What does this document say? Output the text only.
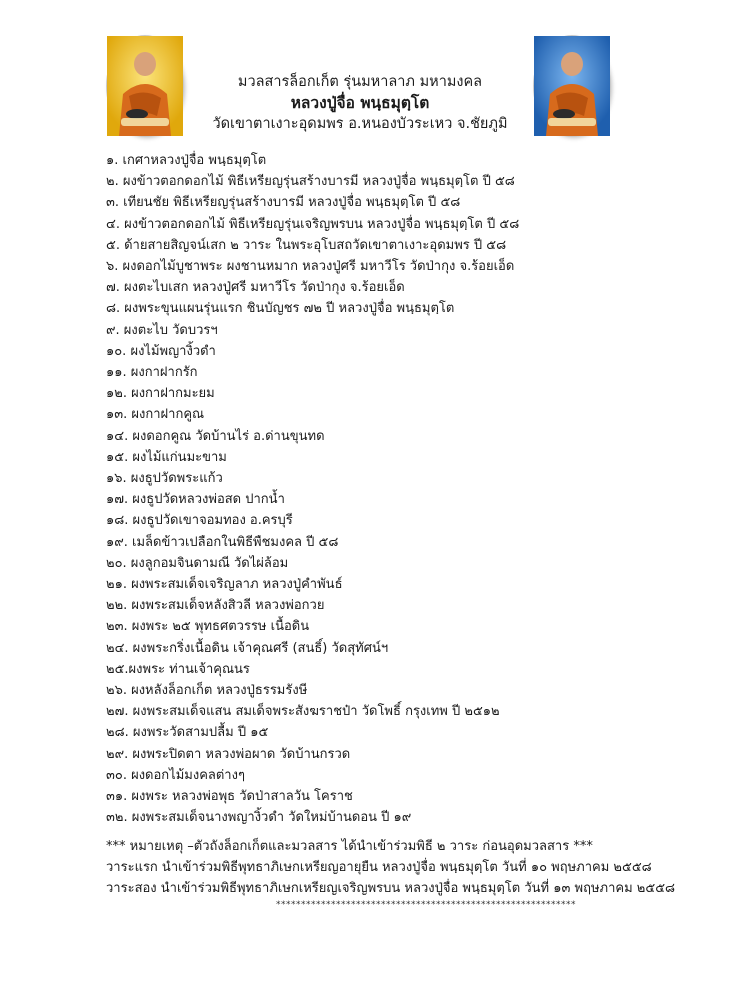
มวลสารล็อกเก็ต รุ่นมหาลาภ มหามงคล
หลวงปู่จื่อ พนฺธมุตฺโต
วัดเขาตาเงาะอุดมพร อ.หนองบัวระเหว จ.ชัยภูมิ
๑. เกศาหลวงปู่จื่อ พนฺธมุตฺโต
๒. ผงข้าวตอกดอกไม้ พิธีเหรียญรุ่นสร้างบารมี หลวงปู่จื่อ พนฺธมุตฺโต ปี ๕๘
๓. เทียนชัย พิธีเหรียญรุ่นสร้างบารมี หลวงปู่จื่อ พนฺธมุตฺโต ปี ๕๘
๔. ผงข้าวตอกดอกไม้ พิธีเหรียญรุ่นเจริญพรบน หลวงปู่จื่อ พนฺธมุตฺโต ปี ๕๘
๕. ด้ายสายสิญจน์เสก ๒ วาระ ในพระอุโบสถวัดเขาตาเงาะอุดมพร ปี ๕๘
๖. ผงดอกไม้บูชาพระ ผงชานหมาก หลวงปู่ศรี มหาวีโร วัดป่ากุง จ.ร้อยเอ็ด
๗. ผงตะไบเสก หลวงปู่ศรี มหาวีโร วัดป่ากุง จ.ร้อยเอ็ด
๘. ผงพระขุนแผนรุ่นแรก ชินบัญชร ๗๒ ปี หลวงปู่จื่อ พนฺธมุตฺโต
๙. ผงตะไบ วัดบวรฯ
๑๐. ผงไม้พญางิ้วดำ
๑๑. ผงกาฝากรัก
๑๒. ผงกาฝากมะยม
๑๓. ผงกาฝากคูณ
๑๔. ผงดอกคูณ วัดบ้านไร่ อ.ด่านขุนทด
๑๕. ผงไม้แก่นมะขาม
๑๖. ผงธูปวัดพระแก้ว
๑๗. ผงธูปวัดหลวงพ่อสด ปากน้ำ
๑๘. ผงธูปวัดเขาจอมทอง อ.ครบุรี
๑๙. เมล็ดข้าวเปลือกในพิธีพืชมงคล ปี ๕๘
๒๐. ผงลูกอมจินดามณี วัดไผ่ล้อม
๒๑. ผงพระสมเด็จเจริญลาภ หลวงปู่คำพันธ์
๒๒. ผงพระสมเด็จหลังสิวลี หลวงพ่อกวย
๒๓. ผงพระ ๒๕ พุทธศตวรรษ เนื้อดิน
๒๔. ผงพระกริ่งเนื้อดิน เจ้าคุณศรี (สนธิ์) วัดสุทัศน์ฯ
๒๕.ผงพระ ท่านเจ้าคุณนร
๒๖. ผงหลังล็อกเก็ต หลวงปู่ธรรมรังษี
๒๗. ผงพระสมเด็จแสน สมเด็จพระสังฆราชป๋า วัดโพธิ์ กรุงเทพ ปี ๒๕๑๒
๒๘. ผงพระวัดสามปลื้ม ปี ๑๕
๒๙. ผงพระปิดตา หลวงพ่อผาด วัดบ้านกรวด
๓๐. ผงดอกไม้มงคลต่างๆ
๓๑. ผงพระ หลวงพ่อพุธ วัดป่าสาลวัน โคราช
๓๒. ผงพระสมเด็จนางพญางิ้วดำ วัดใหม่บ้านดอน ปี ๑๙
*** หมายเหตุ –ตัวถังล็อกเก็ตและมวลสาร ได้นำเข้าร่วมพิธี ๒ วาระ ก่อนอุดมวลสาร ***
วาระแรก นำเข้าร่วมพิธีพุทธาภิเษกเหรียญอายุยืน หลวงปู่จื่อ พนฺธมุตฺโต วันที่ ๑๐ พฤษภาคม ๒๕๕๘
วาระสอง นำเข้าร่วมพิธีพุทธาภิเษกเหรียญเจริญพรบน หลวงปู่จื่อ พนฺธมุตฺโต วันที่ ๑๓ พฤษภาคม ๒๕๕๘
************************************************************
